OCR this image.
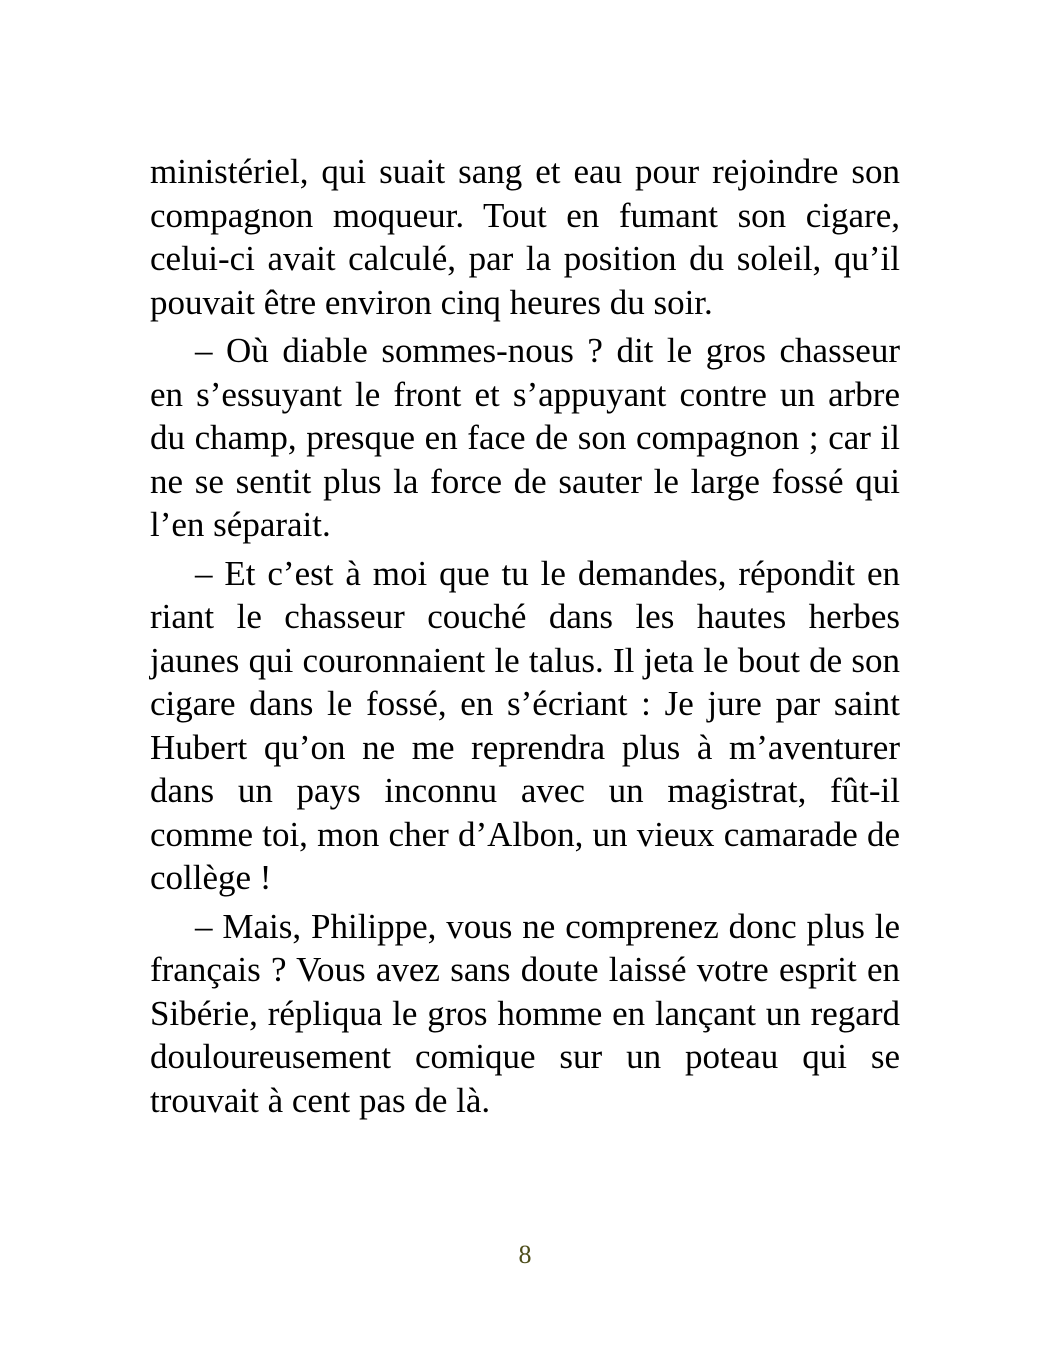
ministériel, qui suait sang et eau pour rejoindre son compagnon moqueur. Tout en fumant son cigare, celui-ci avait calculé, par la position du soleil, qu’il pouvait être environ cinq heures du soir.

– Où diable sommes-nous ? dit le gros chasseur en s’essuyant le front et s’appuyant contre un arbre du champ, presque en face de son compagnon ; car il ne se sentit plus la force de sauter le large fossé qui l’en séparait.

– Et c’est à moi que tu le demandes, répondit en riant le chasseur couché dans les hautes herbes jaunes qui couronnaient le talus. Il jeta le bout de son cigare dans le fossé, en s’écriant : Je jure par saint Hubert qu’on ne me reprendra plus à m’aventurer dans un pays inconnu avec un magistrat, fût-il comme toi, mon cher d’Albon, un vieux camarade de collège !

– Mais, Philippe, vous ne comprenez donc plus le français ? Vous avez sans doute laissé votre esprit en Sibérie, répliqua le gros homme en lançant un regard douloureusement comique sur un poteau qui se trouvait à cent pas de là.

8
